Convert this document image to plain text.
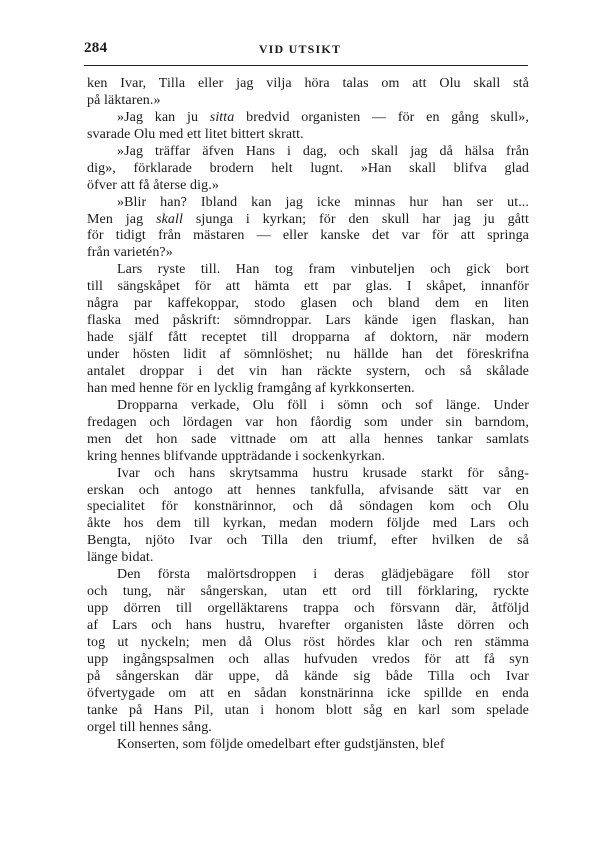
284	VID UTSIKT
ken Ivar, Tilla eller jag vilja höra talas om att Olu skall stå
på läktaren.»
»Jag kan ju sitta bredvid organisten — för en gång skull»,
svarade Olu med ett litet bittert skratt.
»Jag träffar äfven Hans i dag, och skall jag då hälsa från
dig», förklarade brodern helt lugnt. »Han skall blifva glad
öfver att få återse dig.»
»Blir han? Ibland kan jag icke minnas hur han ser ut...
Men jag skall sjunga i kyrkan; för den skull har jag ju gått
för tidigt från mästaren — eller kanske det var för att springa
från varietén?»
Lars ryste till. Han tog fram vinbuteljen och gick bort
till sängskåpet för att hämta ett par glas. I skåpet, innanför
några par kaffekoppar, stodo glasen och bland dem en liten
flaska med påskrift: sömndroppar. Lars kände igen flaskan, han
hade själf fått receptet till dropparna af doktorn, när modern
under hösten lidit af sömnlöshet; nu hällde han det föreskrifna
antalet droppar i det vin han räckte systern, och så skålade
han med henne för en lycklig framgång af kyrkkonserten.
Dropparna verkade, Olu föll i sömn och sof länge. Under
fredagen och lördagen var hon fåordig som under sin barndom,
men det hon sade vittnade om att alla hennes tankar samlats
kring hennes blifvande uppträdande i sockenkyrkan.
Ivar och hans skrytsamma hustru krusade starkt för sång-
erskan och antogo att hennes tankfulla, afvisande sätt var en
specialitet för konstnärinnor, och då söndagen kom och Olu
åkte hos dem till kyrkan, medan modern följde med Lars och
Bengta, njöto Ivar och Tilla den triumf, efter hvilken de så
länge bidat.
Den första malörtsdroppen i deras glädjebägare föll stor
och tung, när sångerskan, utan ett ord till förklaring, ryckte
upp dörren till orgelläktarens trappa och försvann där, åtföljd
af Lars och hans hustru, hvarefter organisten låste dörren och
tog ut nyckeln; men då Olus röst hördes klar och ren stämma
upp ingångspsalmen och allas hufvuden vredos för att få syn
på sångerskan där uppe, då kände sig både Tilla och Ivar
öfvertygade om att en sådan konstnärinna icke spillde en enda
tanke på Hans Pil, utan i honom blott såg en karl som spelade
orgel till hennes sång.
Konserten, som följde omedelbart efter gudstjänsten, blef
